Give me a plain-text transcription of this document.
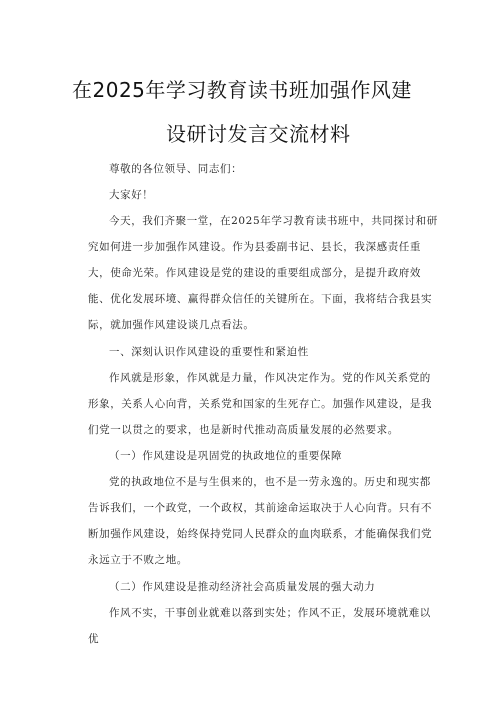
在2025年学习教育读书班加强作风建
设研讨发言交流材料

尊敬的各位领导、同志们：

大家好！

今天，我们齐聚一堂，在2025年学习教育读书班中，共同探讨和研究如何进一步加强作风建设。作为县委副书记、县长，我深感责任重大，使命光荣。作风建设是党的建设的重要组成部分，是提升政府效能、优化发展环境、赢得群众信任的关键所在。下面，我将结合我县实际，就加强作风建设谈几点看法。

一、深刻认识作风建设的重要性和紧迫性

作风就是形象，作风就是力量，作风决定作为。党的作风关系党的形象，关系人心向背，关系党和国家的生死存亡。加强作风建设，是我们党一以贯之的要求，也是新时代推动高质量发展的必然要求。

（一）作风建设是巩固党的执政地位的重要保障

党的执政地位不是与生俱来的，也不是一劳永逸的。历史和现实都告诉我们，一个政党，一个政权，其前途命运取决于人心向背。只有不断加强作风建设，始终保持党同人民群众的血肉联系，才能确保我们党永远立于不败之地。

（二）作风建设是推动经济社会高质量发展的强大动力

作风不实，干事创业就难以落到实处；作风不正，发展环境就难以优
